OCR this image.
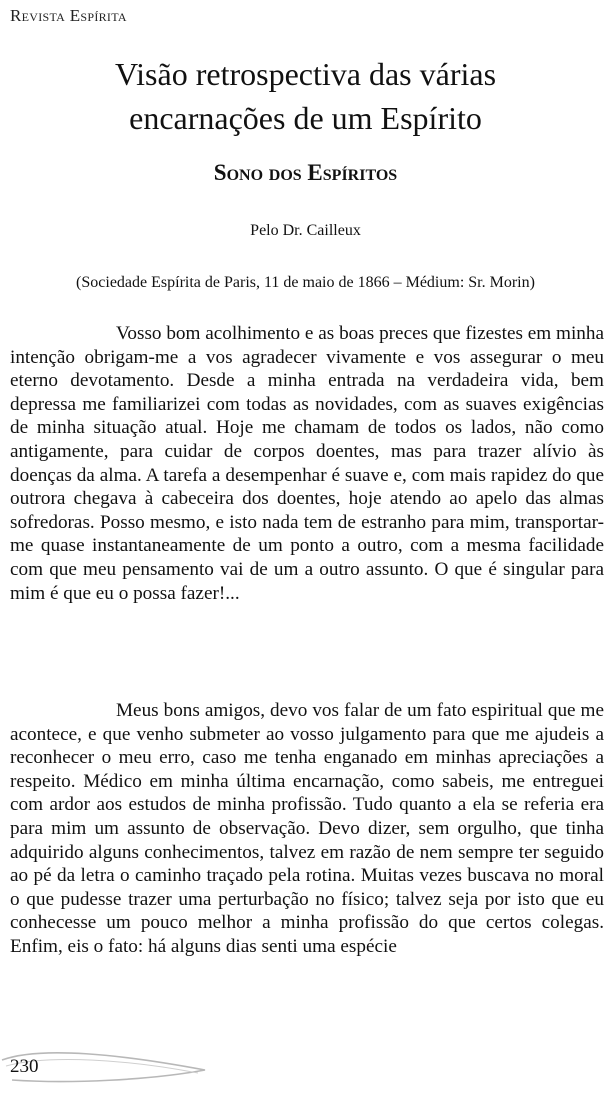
Revista Espírita
Visão retrospectiva das várias
encarnações de um Espírito
Sono dos Espíritos
Pelo Dr. Cailleux
(Sociedade Espírita de Paris, 11 de maio de 1866 – Médium: Sr. Morin)

Vosso bom acolhimento e as boas preces que fizestes em minha intenção obrigam-me a vos agradecer vivamente e vos assegurar o meu eterno devotamento. Desde a minha entrada na verdadeira vida, bem depressa me familiarizei com todas as novidades, com as suaves exigências de minha situação atual. Hoje me chamam de todos os lados, não como antigamente, para cuidar de corpos doentes, mas para trazer alívio às doenças da alma. A tarefa a desempenhar é suave e, com mais rapidez do que outrora chegava à cabeceira dos doentes, hoje atendo ao apelo das almas sofredoras. Posso mesmo, e isto nada tem de estranho para mim, transportar-me quase instantaneamente de um ponto a outro, com a mesma facilidade com que meu pensamento vai de um a outro assunto. O que é singular para mim é que eu o possa fazer!...

Meus bons amigos, devo vos falar de um fato espiritual que me acontece, e que venho submeter ao vosso julgamento para que me ajudeis a reconhecer o meu erro, caso me tenha enganado em minhas apreciações a respeito. Médico em minha última encarnação, como sabeis, me entreguei com ardor aos estudos de minha profissão. Tudo quanto a ela se referia era para mim um assunto de observação. Devo dizer, sem orgulho, que tinha adquirido alguns conhecimentos, talvez em razão de nem sempre ter seguido ao pé da letra o caminho traçado pela rotina. Muitas vezes buscava no moral o que pudesse trazer uma perturbação no físico; talvez seja por isto que eu conhecesse um pouco melhor a minha profissão do que certos colegas. Enfim, eis o fato: há alguns dias senti uma espécie

230
